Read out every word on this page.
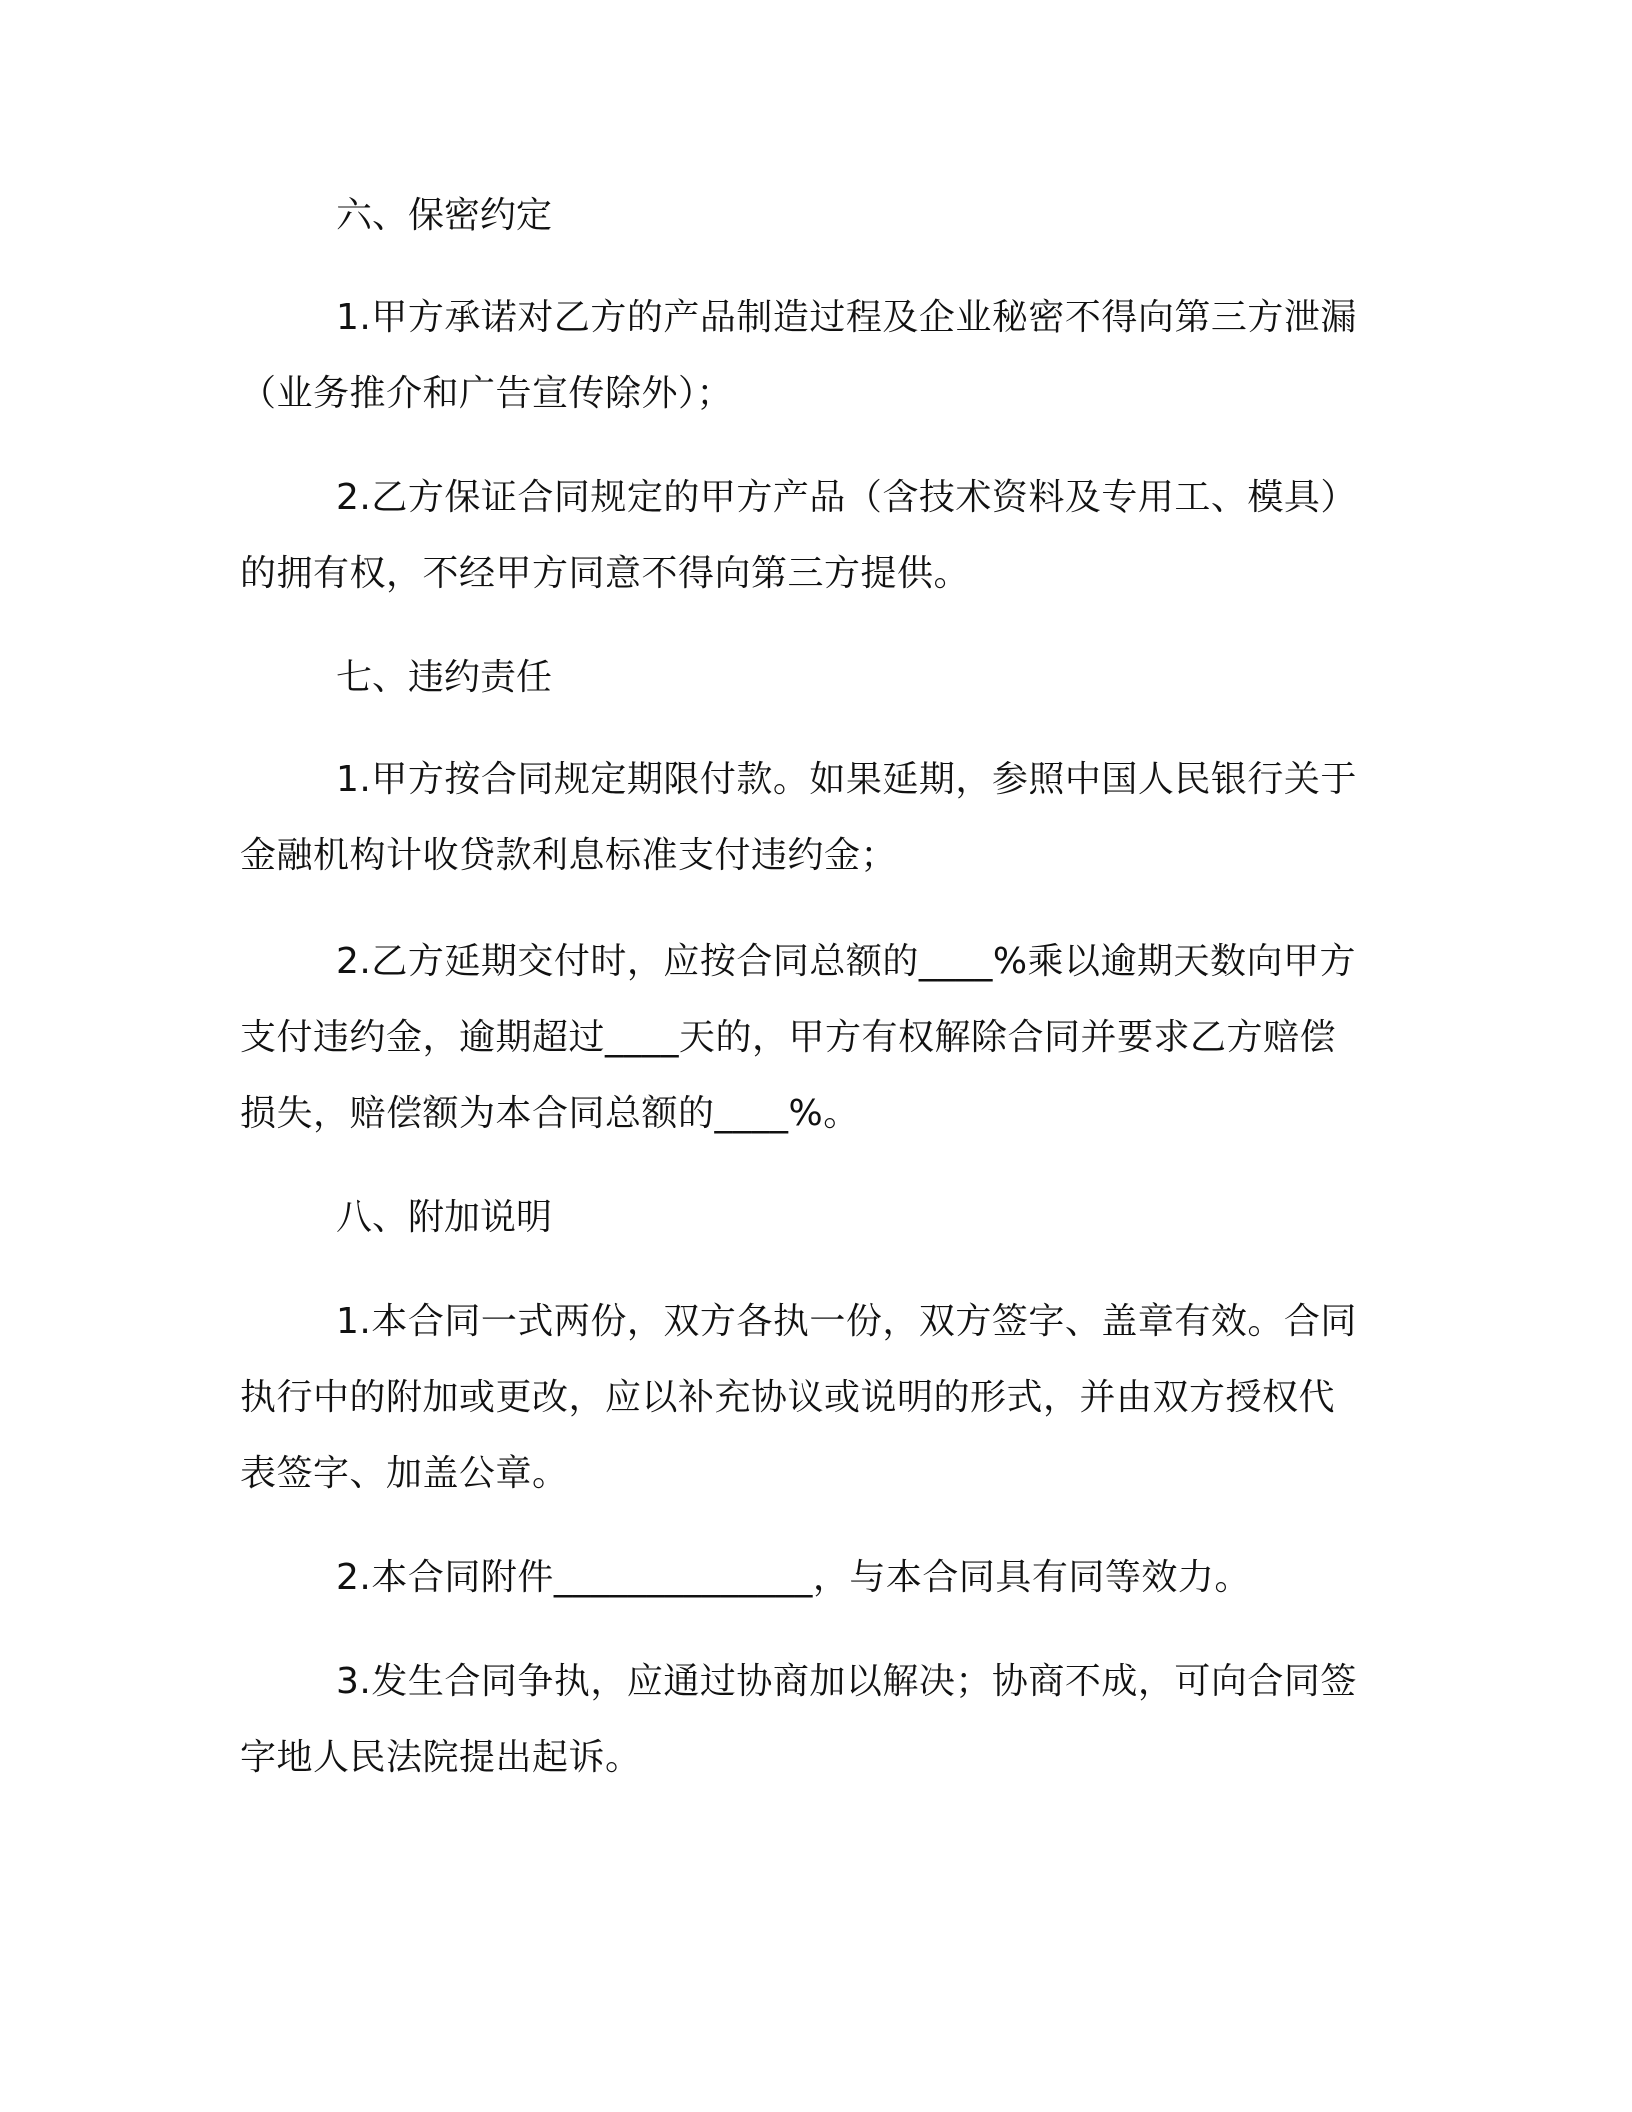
六、保密约定
1.甲方承诺对乙方的产品制造过程及企业秘密不得向第三方泄漏
（业务推介和广告宣传除外）；
2.乙方保证合同规定的甲方产品（含技术资料及专用工、模具）
的拥有权，不经甲方同意不得向第三方提供。
七、违约责任
1.甲方按合同规定期限付款。如果延期，参照中国人民银行关于
金融机构计收贷款利息标准支付违约金；
2.乙方延期交付时，应按合同总额的____%乘以逾期天数向甲方
支付违约金，逾期超过____天的，甲方有权解除合同并要求乙方赔偿
损失，赔偿额为本合同总额的____%。
八、附加说明
1.本合同一式两份，双方各执一份，双方签字、盖章有效。合同
执行中的附加或更改，应以补充协议或说明的形式，并由双方授权代
表签字、加盖公章。
2.本合同附件______________，与本合同具有同等效力。
3.发生合同争执，应通过协商加以解决；协商不成，可向合同签
字地人民法院提出起诉。
